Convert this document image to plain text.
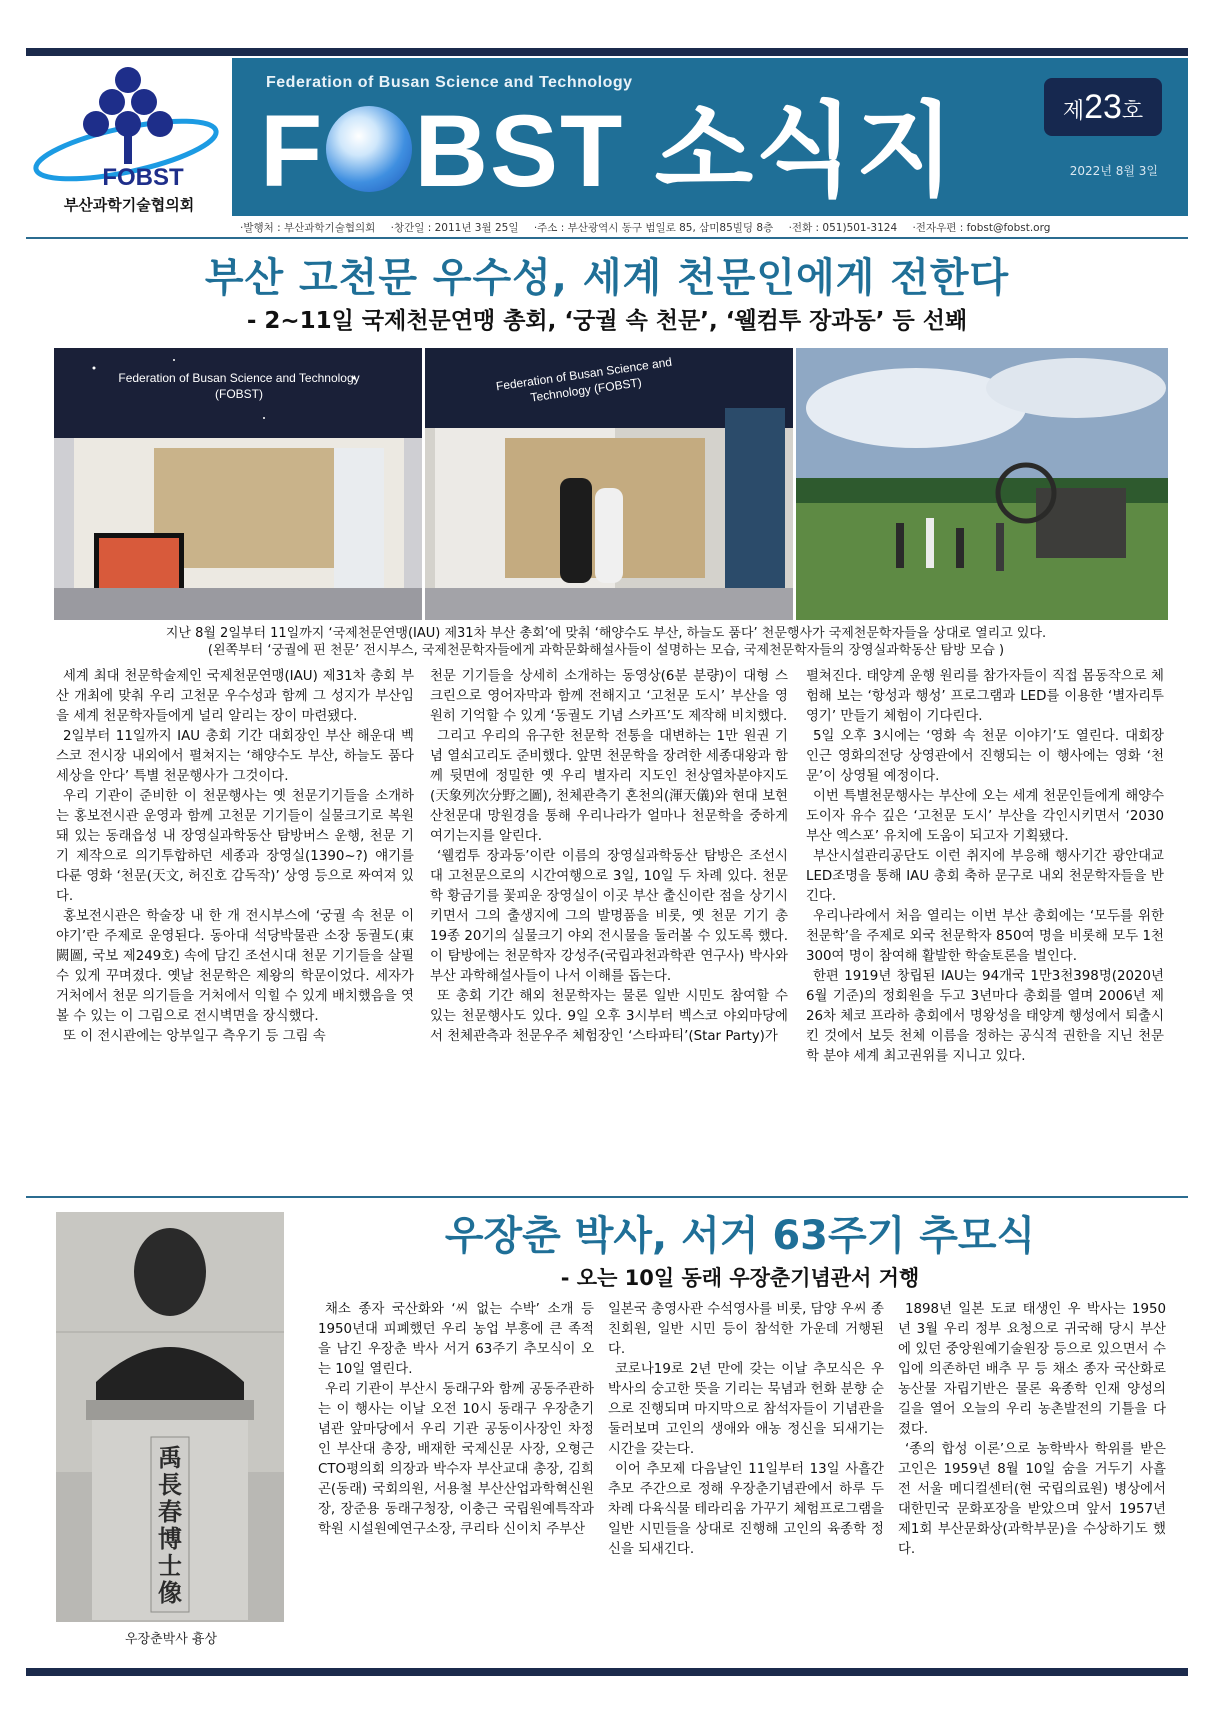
FOBST
부산과학기술협의회
Federation of Busan Science and Technology
F BST 소식지	제23호
2022년 8월 3일
·발행처 : 부산과학기술협의회 ·창간일 : 2011년 3월 25일 ·주소 : 부산광역시 동구 범일로 85, 삼미85빌딩 8층 ·전화 : 051)501-3124 ·전자우편 : fobst@fobst.org
부산 고천문 우수성, 세계 천문인에게 전한다
- 2~11일 국제천문연맹 총회, ‘궁궐 속 천문’, ‘웰컴투 장과동’ 등 선봬
Federation of Busan Science and Technology (FOBST)
Federation of Busan Science and Technology (FOBST)
지난 8월 2일부터 11일까지 ‘국제천문연맹(IAU) 제31차 부산 총회’에 맞춰 ‘해양수도 부산, 하늘도 품다’ 천문행사가 국제천문학자들을 상대로 열리고 있다.
(왼쪽부터 ‘궁궐에 핀 천문’ 전시부스, 국제천문학자들에게 과학문화해설사들이 설명하는 모습, 국제천문학자들의 장영실과학동산 탐방 모습 )

세계 최대 천문학술제인 국제천문연맹(IAU) 제31차 총회 부산 개최에 맞춰 우리 고천문 우수성과 함께 그 성지가 부산임을 세계 천문학자들에게 널리 알리는 장이 마련됐다.

2일부터 11일까지 IAU 총회 기간 대회장인 부산 해운대 벡스코 전시장 내외에서 펼쳐지는 ‘해양수도 부산, 하늘도 품다 세상을 안다’ 특별 천문행사가 그것이다.

우리 기관이 준비한 이 천문행사는 옛 천문기기들을 소개하는 홍보전시관 운영과 함께 고천문 기기들이 실물크기로 복원돼 있는 동래읍성 내 장영실과학동산 탐방버스 운행, 천문 기기 제작으로 의기투합하던 세종과 장영실(1390~?) 얘기를 다룬 영화 ‘천문(天文, 허진호 감독작)’ 상영 등으로 짜여져 있다.

홍보전시관은 학술장 내 한 개 전시부스에 ‘궁궐 속 천문 이야기’란 주제로 운영된다. 동아대 석당박물관 소장 동궐도(東闕圖, 국보 제249호) 속에 담긴 조선시대 천문 기기들을 살필 수 있게 꾸며졌다. 옛날 천문학은 제왕의 학문이었다. 세자가 거처에서 천문 의기들을 거처에서 익힐 수 있게 배치했음을 엿볼 수 있는 이 그림으로 전시벽면을 장식했다.

또 이 전시관에는 앙부일구 측우기 등 그림 속

천문 기기들을 상세히 소개하는 동영상(6분 분량)이 대형 스크린으로 영어자막과 함께 전해지고 ‘고천문 도시’ 부산을 영원히 기억할 수 있게 ‘동궐도 기념 스카프’도 제작해 비치했다.

그리고 우리의 유구한 천문학 전통을 대변하는 1만 원권 기념 열쇠고리도 준비했다. 앞면 천문학을 장려한 세종대왕과 함께 뒷면에 정밀한 옛 우리 별자리 지도인 천상열차분야지도(天象列次分野之圖), 천체관측기 혼천의(渾天儀)와 현대 보현산천문대 망원경을 통해 우리나라가 얼마나 천문학을 중하게 여기는지를 알린다.

‘웰컴투 장과동’이란 이름의 장영실과학동산 탐방은 조선시대 고천문으로의 시간여행으로 3일, 10일 두 차례 있다. 천문학 황금기를 꽃피운 장영실이 이곳 부산 출신이란 점을 상기시키면서 그의 출생지에 그의 발명품을 비롯, 옛 천문 기기 총 19종 20기의 실물크기 야외 전시물을 둘러볼 수 있도록 했다. 이 탐방에는 천문학자 강성주(국립과천과학관 연구사) 박사와 부산 과학해설사들이 나서 이해를 돕는다.

또 총회 기간 해외 천문학자는 물론 일반 시민도 참여할 수 있는 천문행사도 있다. 9일 오후 3시부터 벡스코 야외마당에서 천체관측과 천문우주 체험장인 ‘스타파티’(Star Party)가

펼쳐진다. 태양계 운행 원리를 참가자들이 직접 몸동작으로 체험해 보는 ‘항성과 행성’ 프로그램과 LED를 이용한 ‘별자리투영기’ 만들기 체험이 기다린다.

5일 오후 3시에는 ‘영화 속 천문 이야기’도 열린다. 대회장 인근 영화의전당 상영관에서 진행되는 이 행사에는 영화 ‘천문’이 상영될 예정이다.

이번 특별천문행사는 부산에 오는 세계 천문인들에게 해양수도이자 유수 깊은 ‘고천문 도시’ 부산을 각인시키면서 ‘2030 부산 엑스포’ 유치에 도움이 되고자 기획됐다.

부산시설관리공단도 이런 취지에 부응해 행사기간 광안대교 LED조명을 통해 IAU 총회 축하 문구로 내외 천문학자들을 반긴다.

우리나라에서 처음 열리는 이번 부산 총회에는 ‘모두를 위한 천문학’을 주제로 외국 천문학자 850여 명을 비롯해 모두 1천300여 명이 참여해 활발한 학술토론을 벌인다.

한편 1919년 창립된 IAU는 94개국 1만3천398명(2020년 6월 기준)의 정회원을 두고 3년마다 총회를 열며 2006년 제26차 체코 프라하 총회에서 명왕성을 태양계 행성에서 퇴출시킨 것에서 보듯 천체 이름을 정하는 공식적 권한을 지닌 천문학 분야 세계 최고권위를 지니고 있다.

禹長春博士像
우장춘박사 흉상
우장춘 박사, 서거 63주기 추모식
- 오는 10일 동래 우장춘기념관서 거행

채소 종자 국산화와 ‘씨 없는 수박’ 소개 등 1950년대 피폐했던 우리 농업 부흥에 큰 족적을 남긴 우장춘 박사 서거 63주기 추모식이 오는 10일 열린다.

우리 기관이 부산시 동래구와 함께 공동주관하는 이 행사는 이날 오전 10시 동래구 우장춘기념관 앞마당에서 우리 기관 공동이사장인 차정인 부산대 총장, 배재한 국제신문 사장, 오형근 CTO평의회 의장과 박수자 부산교대 총장, 김희곤(동래) 국회의원, 서용철 부산산업과학혁신원장, 장준용 동래구청장, 이충근 국립원예특작과학원 시설원예연구소장, 쿠리타 신이치 주부산

일본국 총영사관 수석영사를 비롯, 담양 우씨 종친회원, 일반 시민 등이 참석한 가운데 거행된다.

코로나19로 2년 만에 갖는 이날 추모식은 우 박사의 숭고한 뜻을 기리는 묵념과 헌화 분향 순으로 진행되며 마지막으로 참석자들이 기념관을 둘러보며 고인의 생애와 애농 정신을 되새기는 시간을 갖는다.

이어 추모제 다음날인 11일부터 13일 사흘간 추모 주간으로 정해 우장춘기념관에서 하루 두 차례 다육식물 테라리움 가꾸기 체험프로그램을 일반 시민들을 상대로 진행해 고인의 육종학 정신을 되새긴다.

1898년 일본 도쿄 태생인 우 박사는 1950년 3월 우리 정부 요청으로 귀국해 당시 부산에 있던 중앙원예기술원장 등으로 있으면서 수입에 의존하던 배추 무 등 채소 종자 국산화로 농산물 자립기반은 물론 육종학 인재 양성의 길을 열어 오늘의 우리 농촌발전의 기틀을 다졌다.

‘종의 합성 이론’으로 농학박사 학위를 받은 고인은 1959년 8월 10일 숨을 거두기 사흘 전 서울 메디컬센터(현 국립의료원) 병상에서 대한민국 문화포장을 받았으며 앞서 1957년 제1회 부산문화상(과학부문)을 수상하기도 했다.
